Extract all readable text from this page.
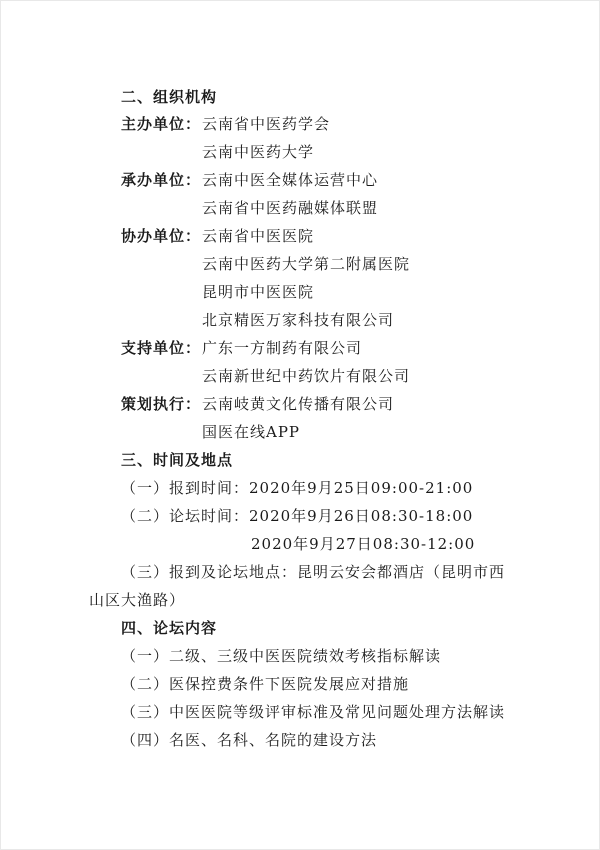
二、组织机构
主办单位： 云南省中医药学会
云南中医药大学
承办单位： 云南中医全媒体运营中心
云南省中医药融媒体联盟
协办单位： 云南省中医医院
云南中医药大学第二附属医院
昆明市中医医院
北京精医万家科技有限公司
支持单位： 广东一方制药有限公司
云南新世纪中药饮片有限公司
策划执行： 云南岐黄文化传播有限公司
国医在线APP
三、时间及地点
（一）报到时间：2020年9月25日09:00-21:00
（二）论坛时间：2020年9月26日08:30-18:00
2020年9月27日08:30-12:00
（三）报到及论坛地点：昆明云安会都酒店（昆明市西
山区大渔路）
四、论坛内容
（一）二级、三级中医医院绩效考核指标解读
（二）医保控费条件下医院发展应对措施
（三）中医医院等级评审标准及常见问题处理方法解读
（四）名医、名科、名院的建设方法
